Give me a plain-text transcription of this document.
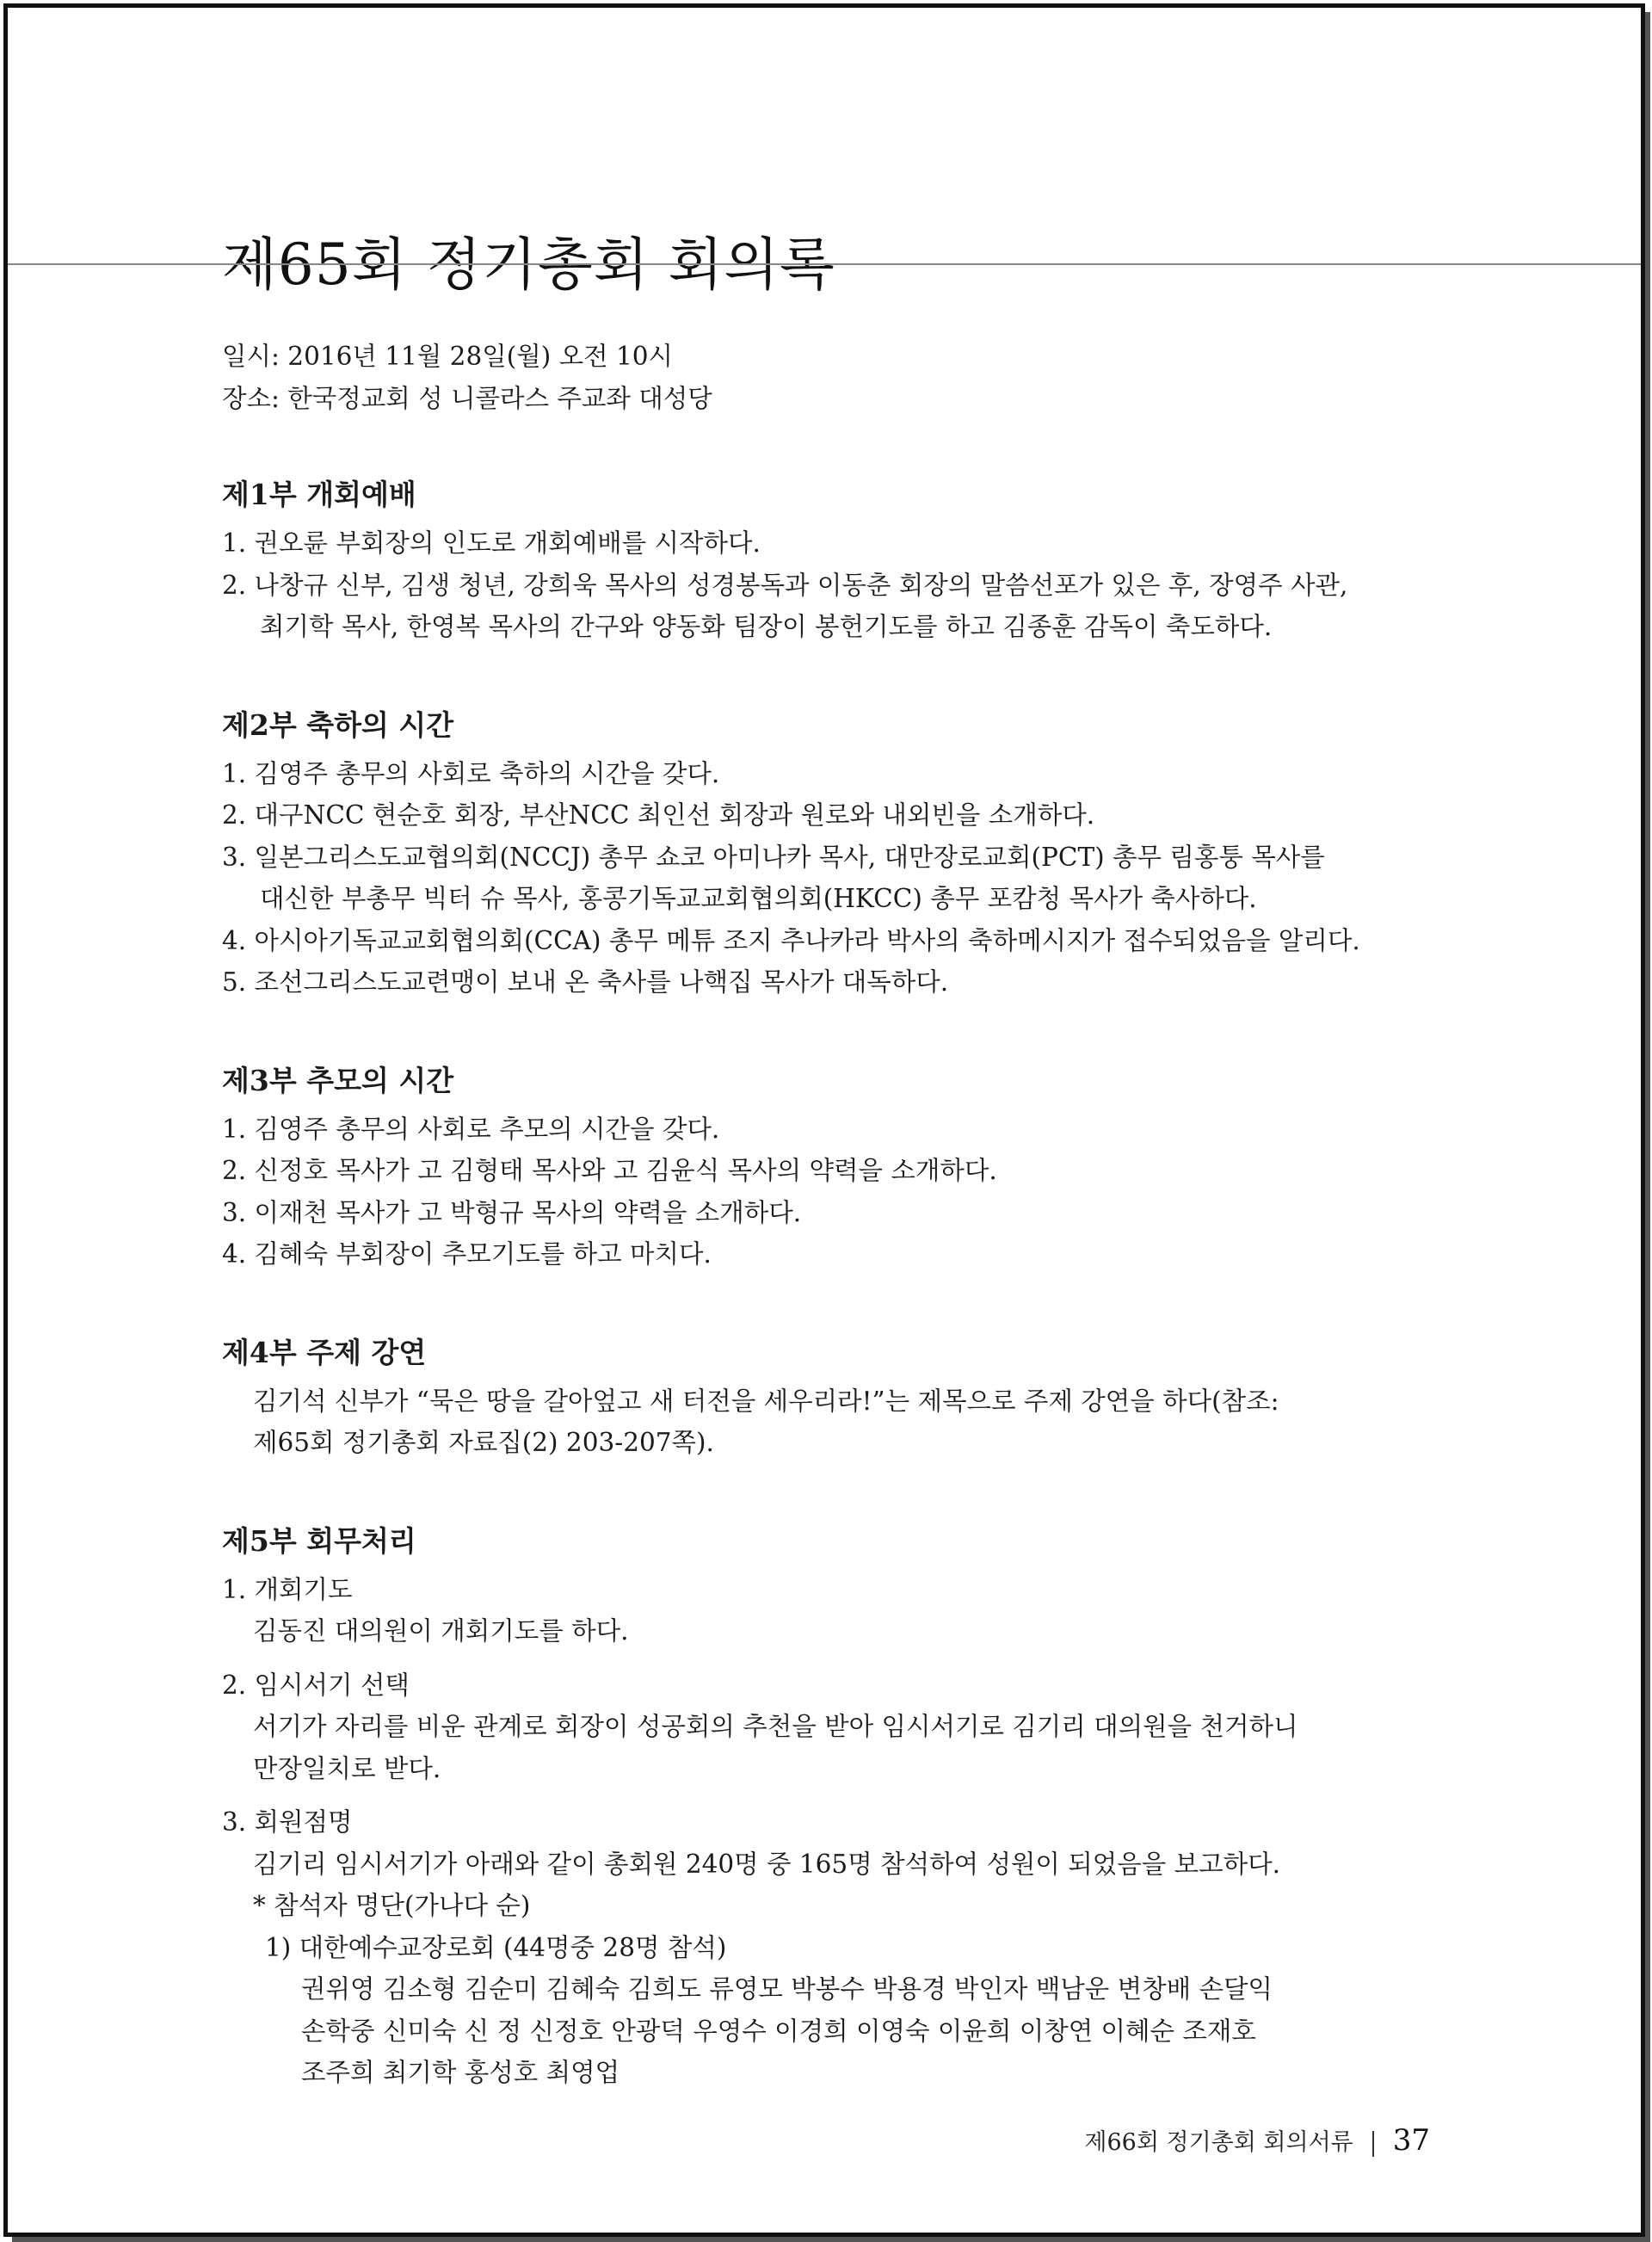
제65회 정기총회 회의록

일시: 2016년 11월 28일(월) 오전 10시

장소: 한국정교회 성 니콜라스 주교좌 대성당

제1부 개회예배
1. 권오륜 부회장의 인도로 개회예배를 시작하다.
2. 나창규 신부, 김생 청년, 강희욱 목사의 성경봉독과 이동춘 회장의 말씀선포가 있은 후, 장영주 사관,
최기학 목사, 한영복 목사의 간구와 양동화 팀장이 봉헌기도를 하고 김종훈 감독이 축도하다.
제2부 축하의 시간
1. 김영주 총무의 사회로 축하의 시간을 갖다.
2. 대구NCC 현순호 회장, 부산NCC 최인선 회장과 원로와 내외빈을 소개하다.
3. 일본그리스도교협의회(NCCJ) 총무 쇼코 아미나카 목사, 대만장로교회(PCT) 총무 림홍퉁 목사를
대신한 부총무 빅터 슈 목사, 홍콩기독교교회협의회(HKCC) 총무 포캄청 목사가 축사하다.
4. 아시아기독교교회협의회(CCA) 총무 메튜 조지 추나카라 박사의 축하메시지가 접수되었음을 알리다.
5. 조선그리스도교련맹이 보내 온 축사를 나핵집 목사가 대독하다.
제3부 추모의 시간
1. 김영주 총무의 사회로 추모의 시간을 갖다.
2. 신정호 목사가 고 김형태 목사와 고 김윤식 목사의 약력을 소개하다.
3. 이재천 목사가 고 박형규 목사의 약력을 소개하다.
4. 김혜숙 부회장이 추모기도를 하고 마치다.
제4부 주제 강연
김기석 신부가 “묵은 땅을 갈아엎고 새 터전을 세우리라!”는 제목으로 주제 강연을 하다(참조:
제65회 정기총회 자료집(2) 203-207쪽).
제5부 회무처리
1. 개회기도
김동진 대의원이 개회기도를 하다.
2. 임시서기 선택
서기가 자리를 비운 관계로 회장이 성공회의 추천을 받아 임시서기로 김기리 대의원을 천거하니
만장일치로 받다.
3. 회원점명
김기리 임시서기가 아래와 같이 총회원 240명 중 165명 참석하여 성원이 되었음을 보고하다.
* 참석자 명단(가나다 순)
1) 대한예수교장로회 (44명중 28명 참석)
권위영 김소형 김순미 김혜숙 김희도 류영모 박봉수 박용경 박인자 백남운 변창배 손달익
손학중 신미숙 신 정 신정호 안광덕 우영수 이경희 이영숙 이윤희 이창연 이혜순 조재호
조주희 최기학 홍성호 최영업
제66회 정기총회 회의서류 37
